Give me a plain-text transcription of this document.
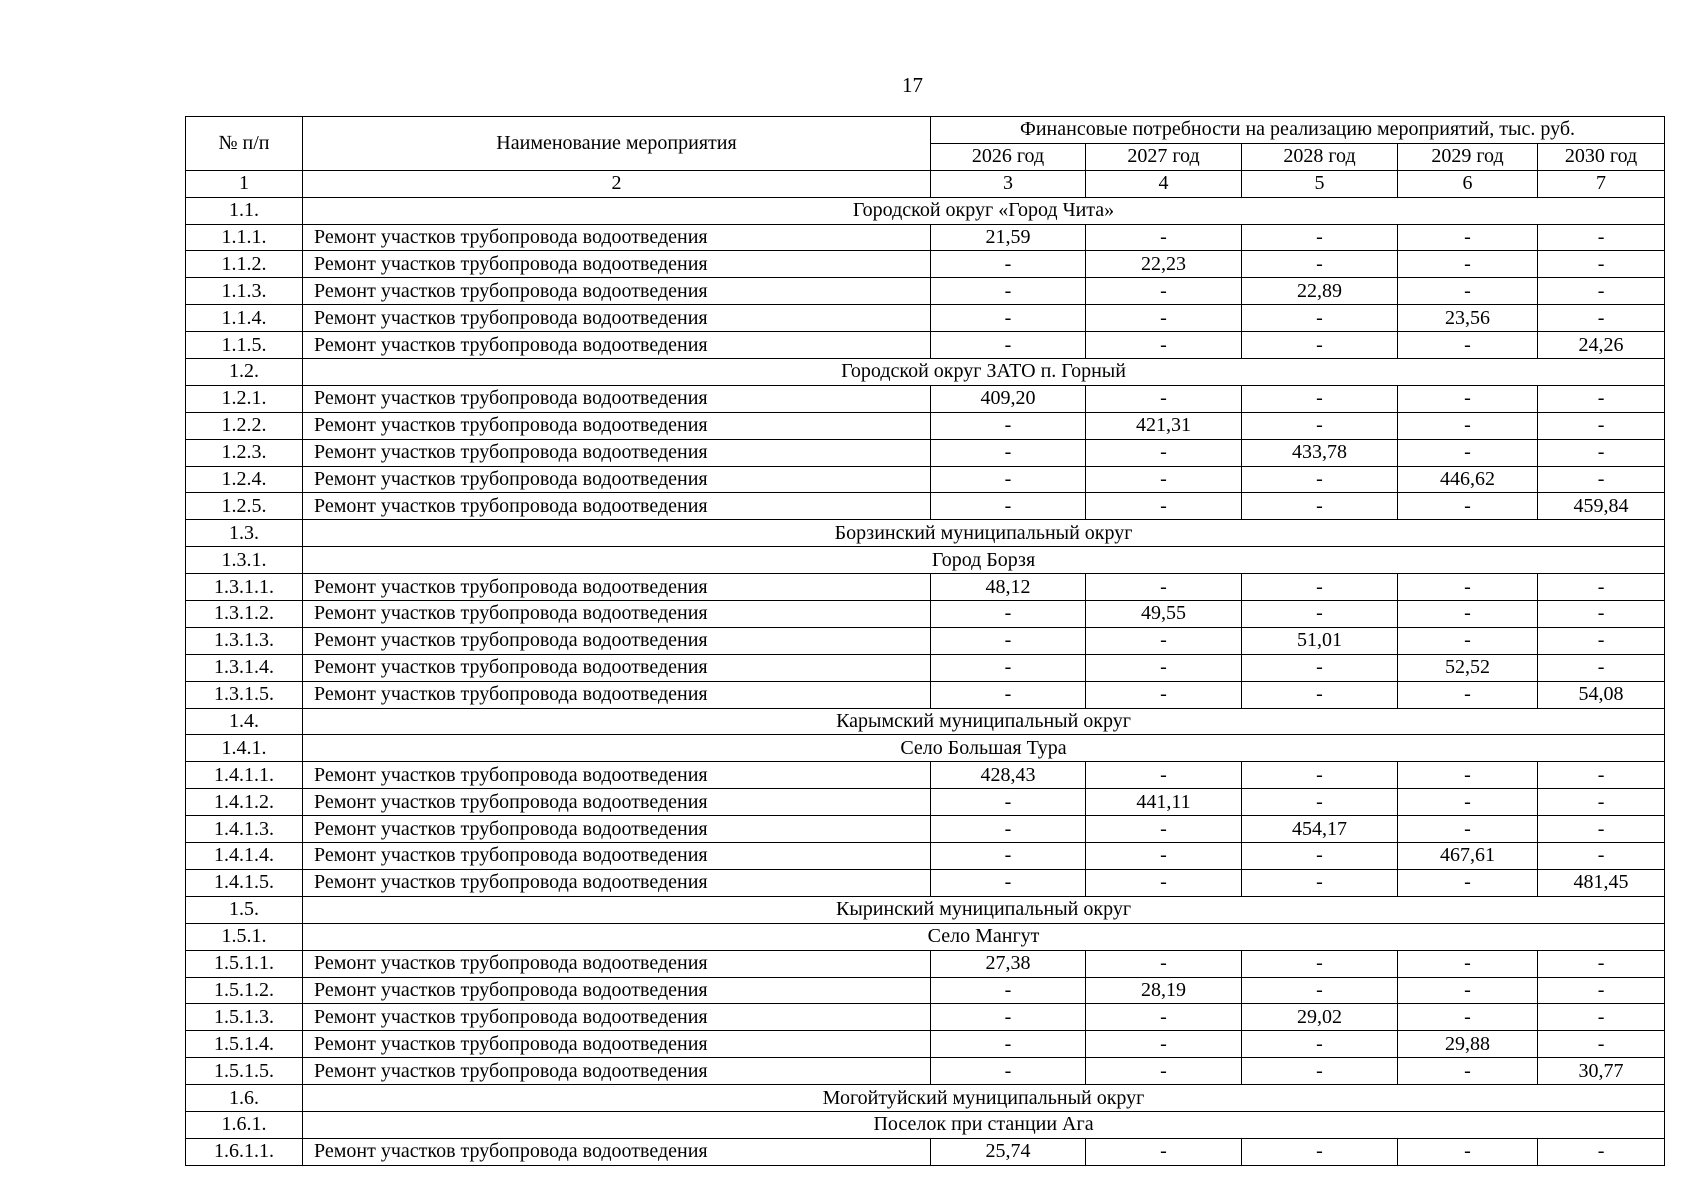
17
№ п/п	Наименование мероприятия	Финансовые потребности на реализацию мероприятий, тыс. руб.				
		2026 год	2027 год	2028 год	2029 год	2030 год
1	2	3	4	5	6	7
1.1.	Городской округ «Город Чита»					
1.1.1.	Ремонт участков трубопровода водоотведения	21,59	-	-	-	-
1.1.2.	Ремонт участков трубопровода водоотведения	-	22,23	-	-	-
1.1.3.	Ремонт участков трубопровода водоотведения	-	-	22,89	-	-
1.1.4.	Ремонт участков трубопровода водоотведения	-	-	-	23,56	-
1.1.5.	Ремонт участков трубопровода водоотведения	-	-	-	-	24,26
1.2.	Городской округ ЗАТО п. Горный					
1.2.1.	Ремонт участков трубопровода водоотведения	409,20	-	-	-	-
1.2.2.	Ремонт участков трубопровода водоотведения	-	421,31	-	-	-
1.2.3.	Ремонт участков трубопровода водоотведения	-	-	433,78	-	-
1.2.4.	Ремонт участков трубопровода водоотведения	-	-	-	446,62	-
1.2.5.	Ремонт участков трубопровода водоотведения	-	-	-	-	459,84
1.3.	Борзинский муниципальный округ					
1.3.1.	Город Борзя					
1.3.1.1.	Ремонт участков трубопровода водоотведения	48,12	-	-	-	-
1.3.1.2.	Ремонт участков трубопровода водоотведения	-	49,55	-	-	-
1.3.1.3.	Ремонт участков трубопровода водоотведения	-	-	51,01	-	-
1.3.1.4.	Ремонт участков трубопровода водоотведения	-	-	-	52,52	-
1.3.1.5.	Ремонт участков трубопровода водоотведения	-	-	-	-	54,08
1.4.	Карымский муниципальный округ					
1.4.1.	Село Большая Тура					
1.4.1.1.	Ремонт участков трубопровода водоотведения	428,43	-	-	-	-
1.4.1.2.	Ремонт участков трубопровода водоотведения	-	441,11	-	-	-
1.4.1.3.	Ремонт участков трубопровода водоотведения	-	-	454,17	-	-
1.4.1.4.	Ремонт участков трубопровода водоотведения	-	-	-	467,61	-
1.4.1.5.	Ремонт участков трубопровода водоотведения	-	-	-	-	481,45
1.5.	Кыринский муниципальный округ					
1.5.1.	Село Мангут					
1.5.1.1.	Ремонт участков трубопровода водоотведения	27,38	-	-	-	-
1.5.1.2.	Ремонт участков трубопровода водоотведения	-	28,19	-	-	-
1.5.1.3.	Ремонт участков трубопровода водоотведения	-	-	29,02	-	-
1.5.1.4.	Ремонт участков трубопровода водоотведения	-	-	-	29,88	-
1.5.1.5.	Ремонт участков трубопровода водоотведения	-	-	-	-	30,77
1.6.	Могойтуйский муниципальный округ					
1.6.1.	Поселок при станции Ага					
1.6.1.1.	Ремонт участков трубопровода водоотведения	25,74	-	-	-	-
